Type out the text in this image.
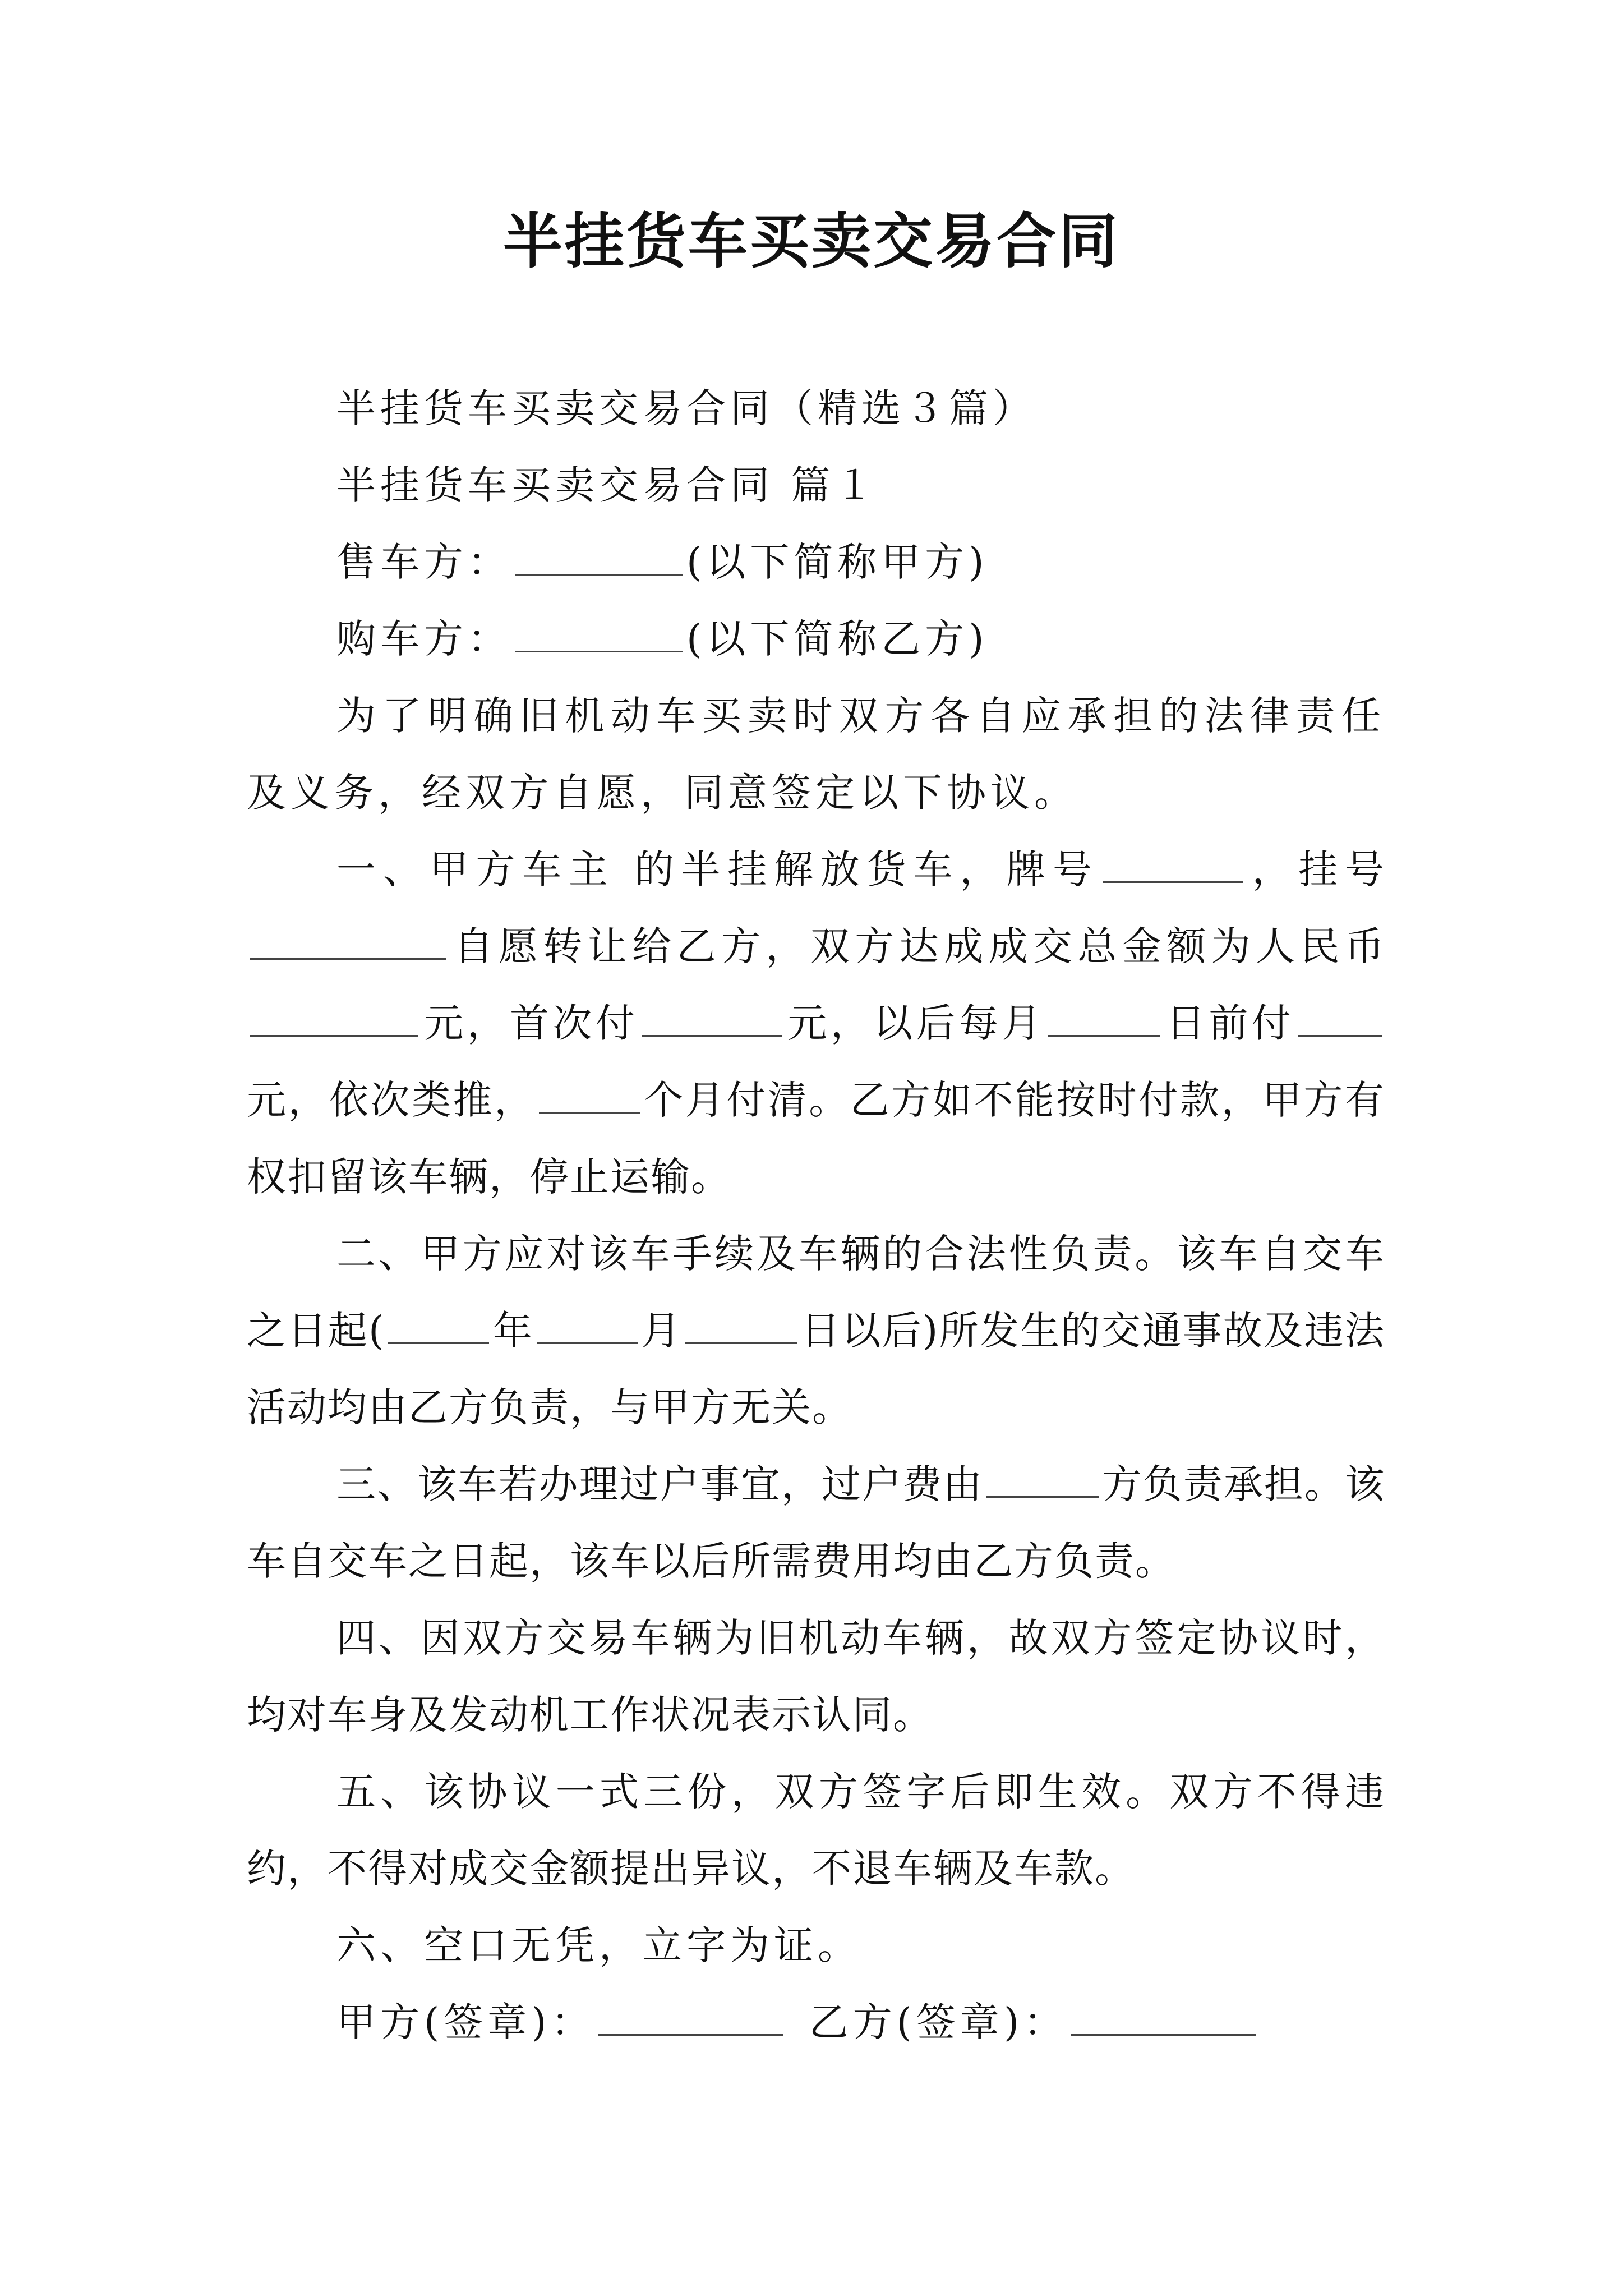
半挂货车买卖交易合同

半挂货车买卖交易合同（精选３篇）

半挂货车买卖交易合同 篇１

售车方：	(以下简称甲方)

购车方：	(以下简称乙方)

为了明确旧机动车买卖时双方各自应承担的法律责任及义务，经双方自愿，同意签定以下协议。

一、甲方车主 的半挂解放货车，牌号	，挂号自愿转让给乙方，双方达成成交总金额为人民币元，首次付	元，以后每月	日前付元，依次类推，	个月付清。乙方如不能按时付款，甲方有权扣留该车辆，停止运输。

二、甲方应对该车手续及车辆的合法性负责。该车自交车之日起(	年	月	日以后)所发生的交通事故及违法活动均由乙方负责，与甲方无关。

三、该车若办理过户事宜，过户费由	方负责承担。该车自交车之日起，该车以后所需费用均由乙方负责。

四、因双方交易车辆为旧机动车辆，故双方签定协议时，均对车身及发动机工作状况表示认同。

五、该协议一式三份，双方签字后即生效。双方不得违约，不得对成交金额提出异议，不退车辆及车款。

六、空口无凭，立字为证。

甲方(签章)：	乙方(签章)：
